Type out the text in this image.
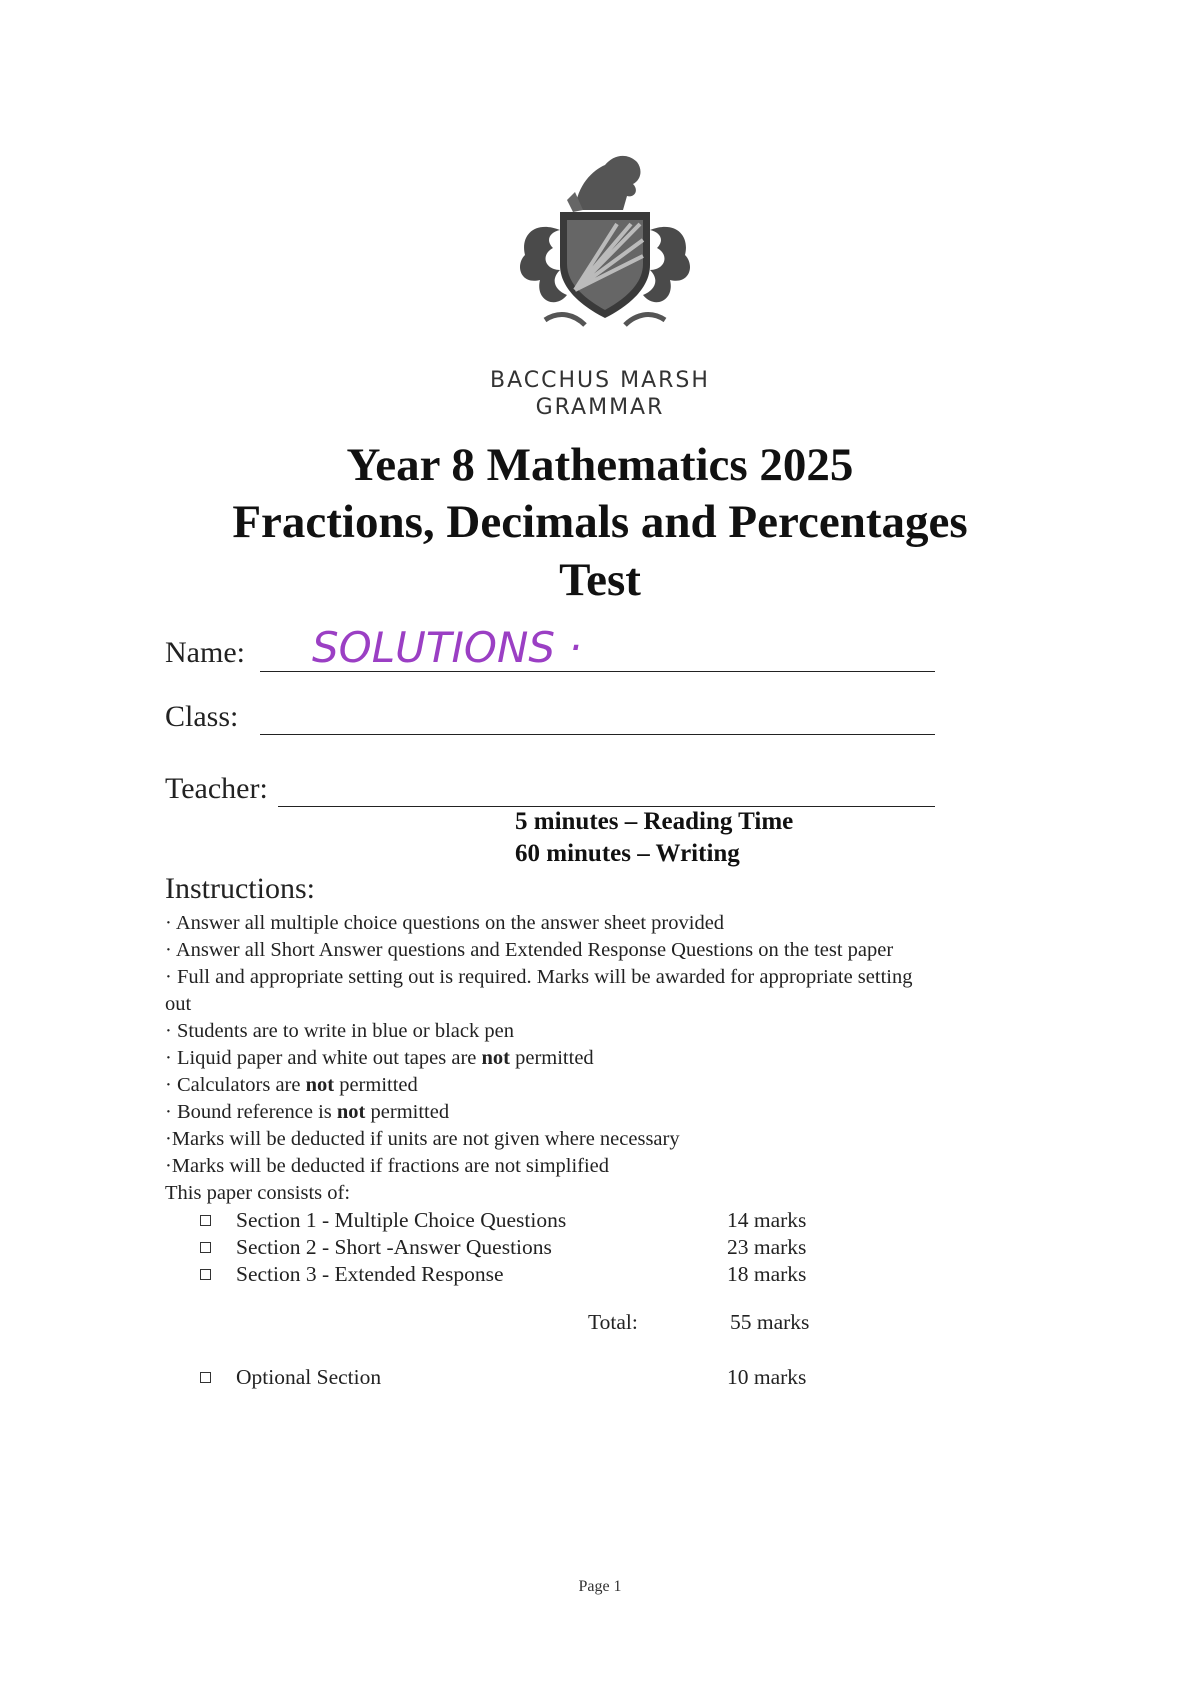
BACCHUS MARSH
GRAMMAR
Year 8 Mathematics 2025
Fractions, Decimals and Percentages
Test
Name: SOLUTIONS ·
Class:
Teacher:
5 minutes – Reading Time
60 minutes – Writing
Instructions:
· Answer all multiple choice questions on the answer sheet provided
· Answer all Short Answer questions and Extended Response Questions on the test paper
· Full and appropriate setting out is required. Marks will be awarded for appropriate setting
out
· Students are to write in blue or black pen
· Liquid paper and white out tapes are not permitted
· Calculators are not permitted
· Bound reference is not permitted
·Marks will be deducted if units are not given where necessary
·Marks will be deducted if fractions are not simplified
This paper consists of:
Section 1 - Multiple Choice Questions	14 marks
Section 2 - Short -Answer Questions	23 marks
Section 3 - Extended Response	18 marks
Total:	55 marks
Optional Section	10 marks
Page 1
